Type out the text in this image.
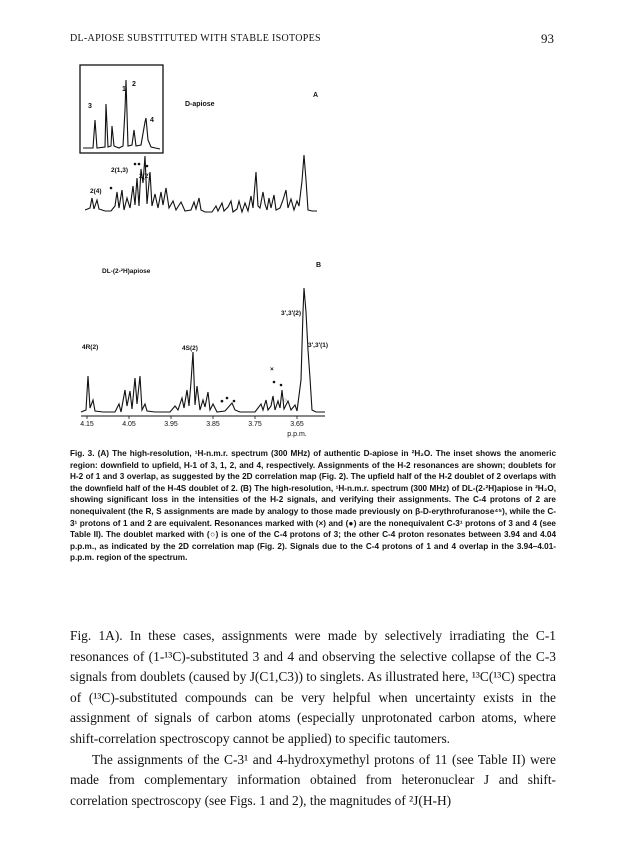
DL-APIOSE SUBSTITUTED WITH STABLE ISOTOPES	93
3
1
2
4
D-apiose
A
2(1,3)
2(2)
2(4)
DL-(2-²H)apiose
B
4R(2)	4S(2)
3',3'(2)
3',3'(1)
○
×
●
4.15	4.05	3.95	3.85	3.75	3.65
p.p.m.

Fig. 3. (A) The high-resolution, ¹H-n.m.r. spectrum (300 MHz) of authentic D-apiose in ²H₂O. The inset shows the anomeric region: downfield to upfield, H-1 of 3, 1, 2, and 4, respectively. Assignments of the H-2 resonances are shown; doublets for H-2 of 1 and 3 overlap, as suggested by the 2D correlation map (Fig. 2). The upfield half of the H-2 doublet of 2 overlaps with the downfield half of the H-4S doublet of 2. (B) The high-resolution, ¹H-n.m.r. spectrum (300 MHz) of DL-(2-²H)apiose in ²H₂O, showing significant loss in the intensities of the H-2 signals, and verifying their assignments. The C-4 protons of 2 are nonequivalent (the R, S assignments are made by analogy to those made previously on β-D-erythrofuranose⁴⁵), while the C-3¹ protons of 1 and 2 are equivalent. Resonances marked with (×) and (●) are the nonequivalent C-3¹ protons of 3 and 4 (see Table II). The doublet marked with (○) is one of the C-4 protons of 3; the other C-4 proton resonates between 3.94 and 4.04 p.p.m., as indicated by the 2D correlation map (Fig. 2). Signals due to the C-4 protons of 1 and 4 overlap in the 3.94–4.01-p.p.m. region of the spectrum.

Fig. 1A). In these cases, assignments were made by selectively irradiating the C-1 resonances of (1-¹³C)-substituted 3 and 4 and observing the selective collapse of the C-3 signals from doublets (caused by J(C1,C3)) to singlets. As illustrated here, ¹³C(¹³C) spectra of (¹³C)-substituted compounds can be very helpful when uncertainty exists in the assignment of signals of carbon atoms (especially unprotonated carbon atoms, where shift-correlation spectroscopy cannot be applied) to specific tautomers.

The assignments of the C-3¹ and 4-hydroxymethyl protons of 11 (see Table II) were made from complementary information obtained from heteronuclear J and shift-correlation spectroscopy (see Figs. 1 and 2), the magnitudes of ²J(H-H)
